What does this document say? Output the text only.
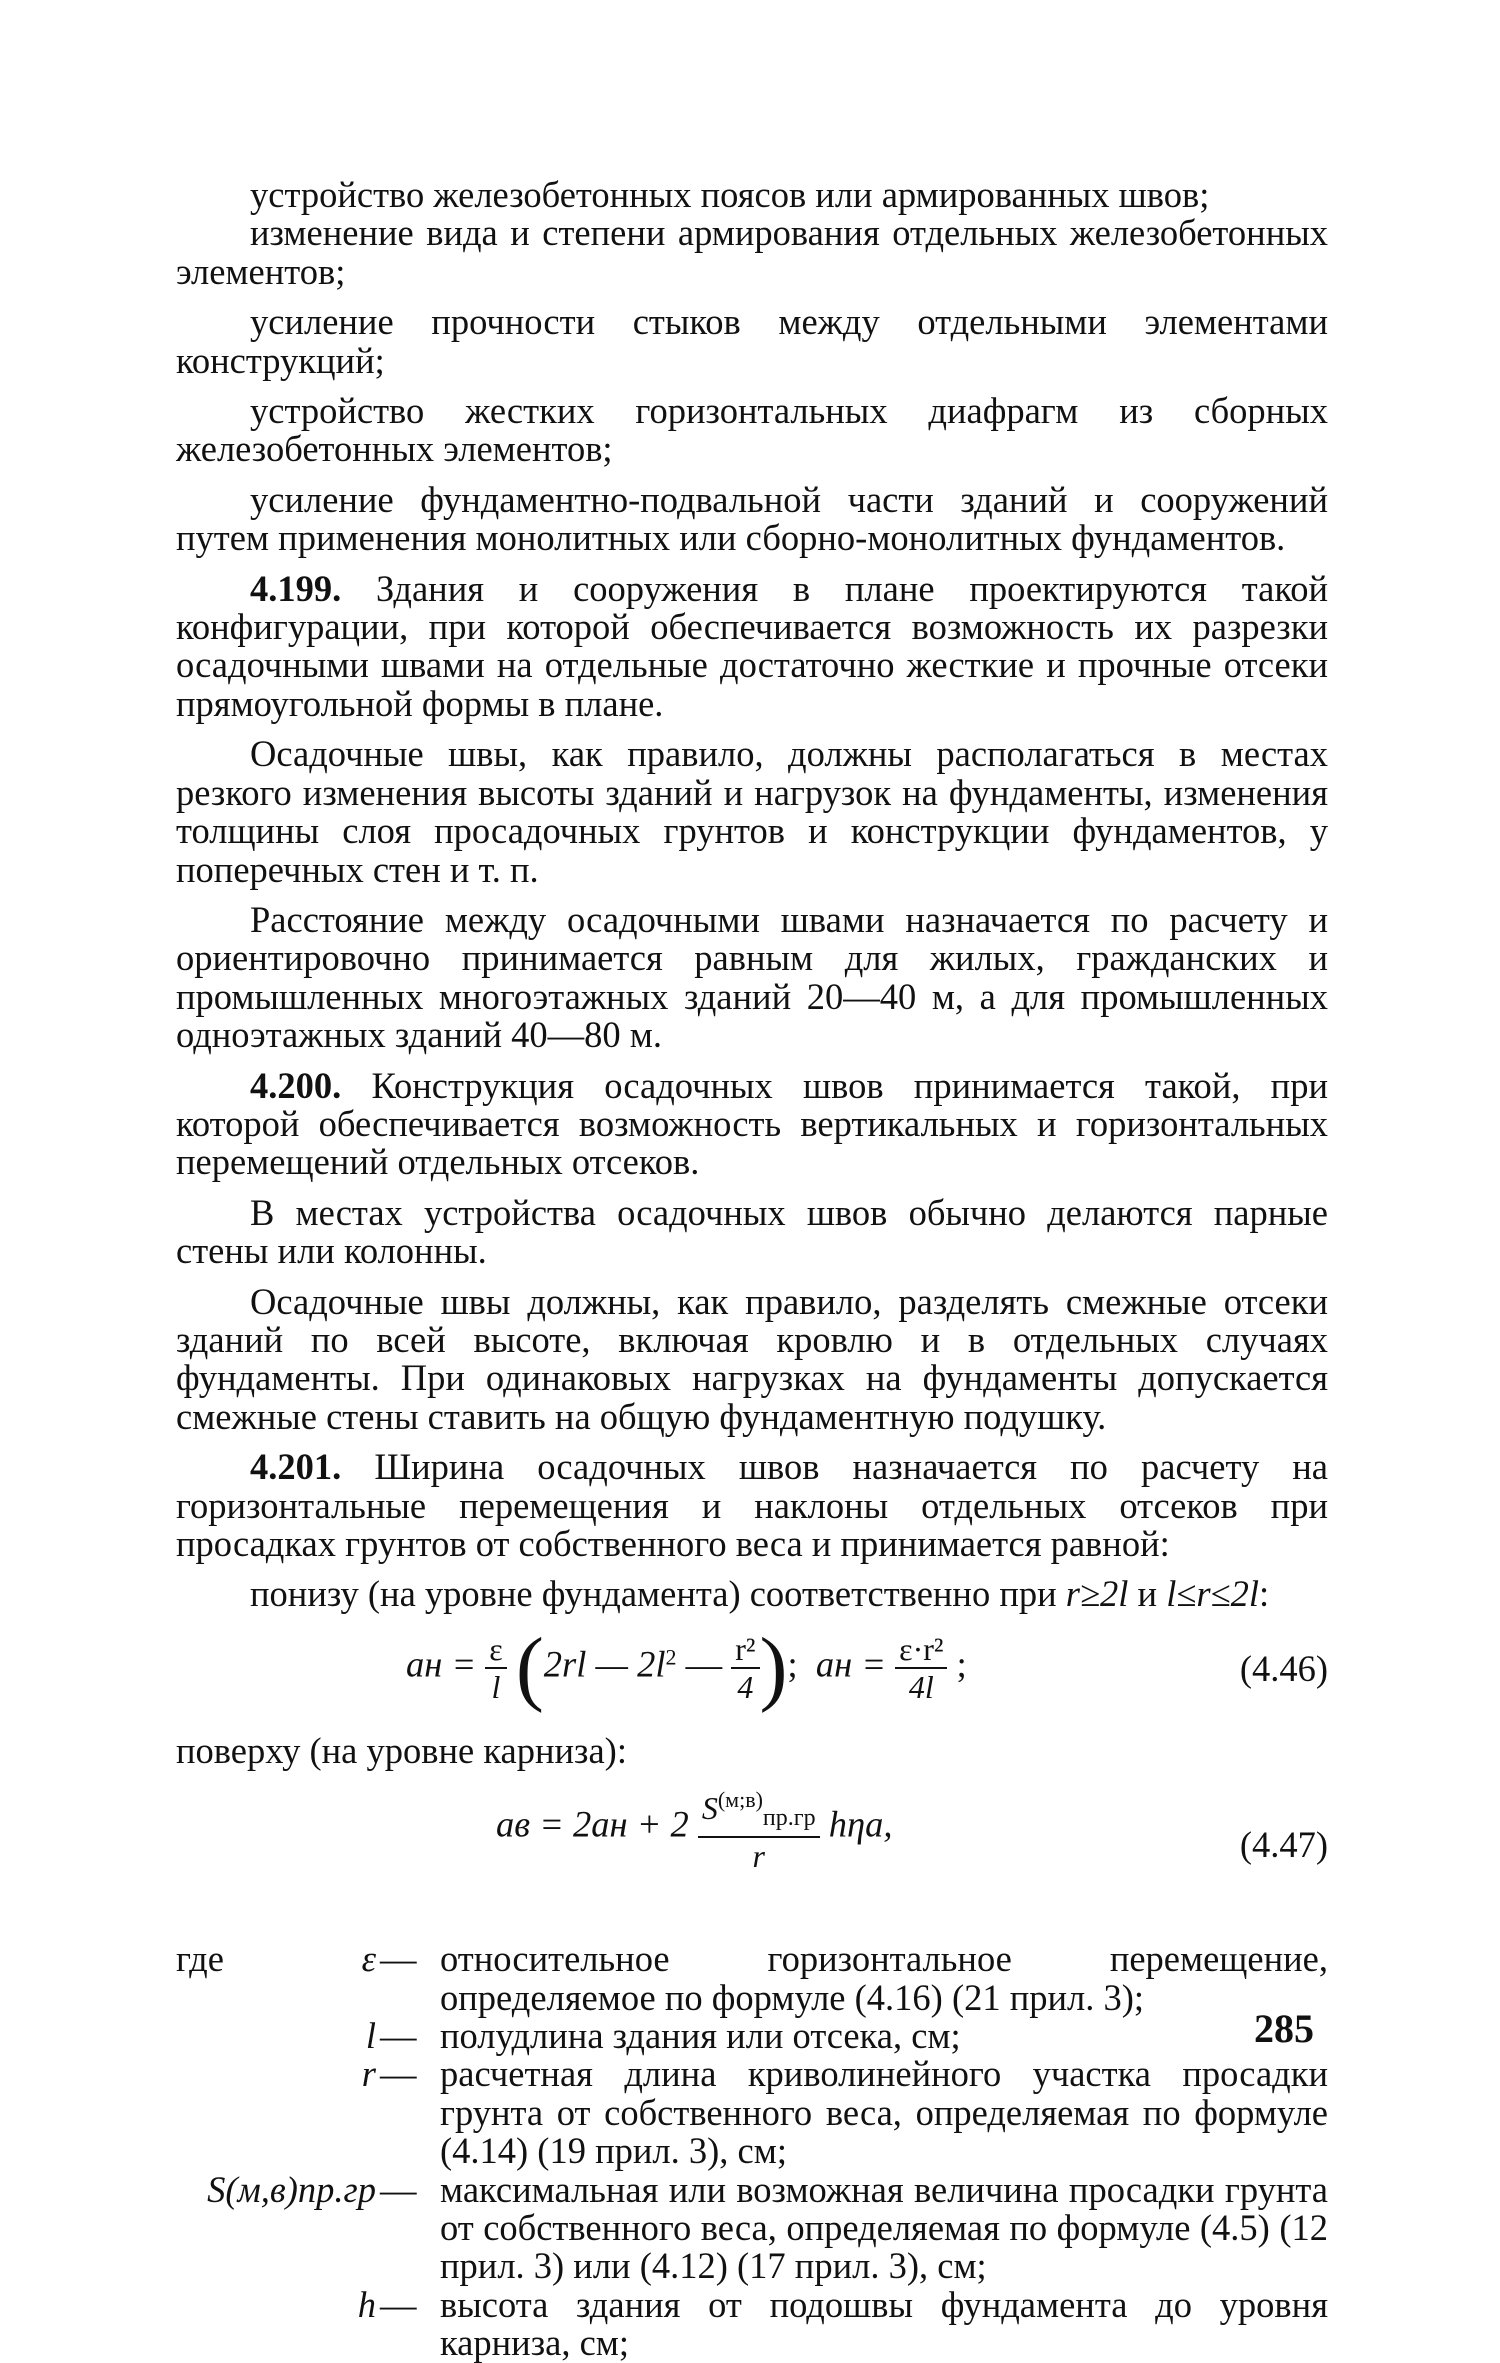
устройство железобетонных поясов или армированных швов;

изменение вида и степени армирования отдельных железобетонных элементов;

усиление прочности стыков между отдельными элементами конструкций;

устройство жестких горизонтальных диафрагм из сборных железобетонных элементов;

усиление фундаментно-подвальной части зданий и сооружений путем применения монолитных или сборно-монолитных фундаментов.

4.199. Здания и сооружения в плане проектируются такой конфигурации, при которой обеспечивается возможность их разрезки осадочными швами на отдельные достаточно жесткие и прочные отсеки прямоугольной формы в плане.

Осадочные швы, как правило, должны располагаться в местах резкого изменения высоты зданий и нагрузок на фундаменты, изменения толщины слоя просадочных грунтов и конструкции фундаментов, у поперечных стен и т. п.

Расстояние между осадочными швами назначается по расчету и ориентировочно принимается равным для жилых, гражданских и промышленных многоэтажных зданий 20—40 м, а для промышленных одноэтажных зданий 40—80 м.

4.200. Конструкция осадочных швов принимается такой, при которой обеспечивается возможность вертикальных и горизонтальных перемещений отдельных отсеков.

В местах устройства осадочных швов обычно делаются парные стены или колонны.

Осадочные швы должны, как правило, разделять смежные отсеки зданий по всей высоте, включая кровлю и в отдельных случаях фундаменты. При одинаковых нагрузках на фундаменты допускается смежные стены ставить на общую фундаментную подушку.

4.201. Ширина осадочных швов назначается по расчету на горизонтальные перемещения и наклоны отдельных отсеков при просадках грунтов от собственного веса и принимается равной:

понизу (на уровне фундамента) соответственно при r≥2l и l≤r≤2l:

aн = $\frac{\varepsilon}{l} (2rl$ — $2l^2$ — $\frac{\text{r²}}{4}$ ); aн = $\frac{\text{ε·r²}}{4l}$ ;	(4.46)

поверху (на уровне карниза):

aв = $2aн + 2 \frac{S^{(м;в)}_{пр.гр}}{r} h\eta a$,
(4.47)
где	ε — относительное горизонтальное перемещение, определяемое по формуле (4.16) (21 прил. 3);

l — полудлина здания или отсека, см;

r — расчетная длина криволинейного участка просадки грунта от собственного веса, определяемая по формуле (4.14) (19 прил. 3), см;

S(м,в)пр.гр — максимальная или возможная величина просадки грунта от собственного веса, определяемая по формуле (4.5) (12 прил. 3) или (4.12) (17 прил. 3), см;

h — высота здания от подошвы фундамента до уровня карниза, см;

285
